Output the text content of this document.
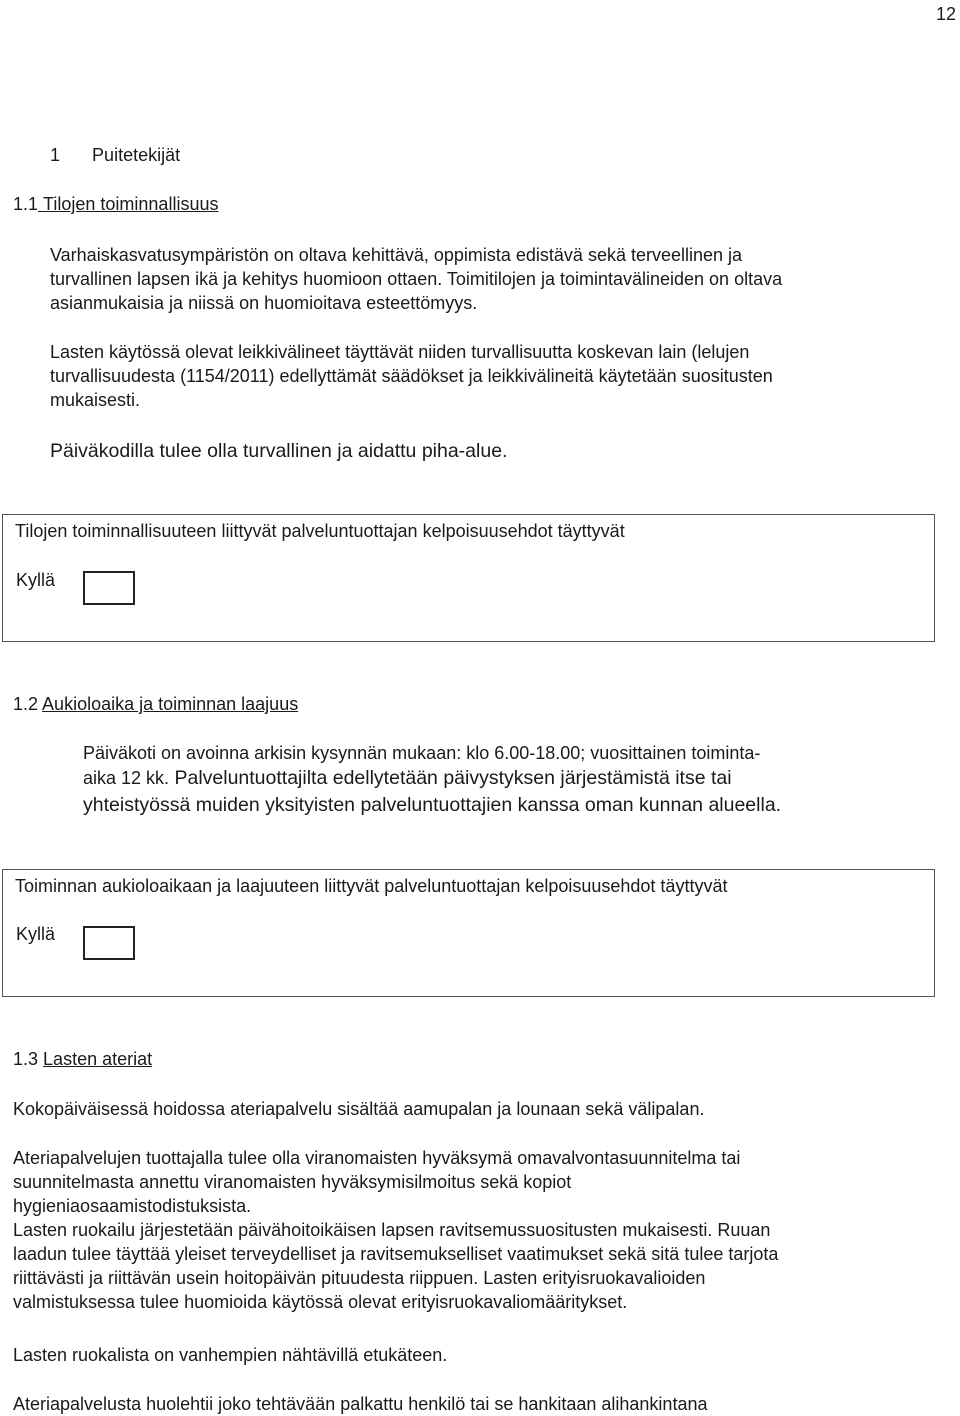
12
1 Puitetekijät
1.1 Tilojen toiminnallisuus

Varhaiskasvatusympäristön on oltava kehittävä, oppimista edistävä sekä terveellinen ja

turvallinen lapsen ikä ja kehitys huomioon ottaen. Toimitilojen ja toimintavälineiden on oltava

asianmukaisia ja niissä on huomioitava esteettömyys.

Lasten käytössä olevat leikkivälineet täyttävät niiden turvallisuutta koskevan lain (lelujen

turvallisuudesta (1154/2011) edellyttämät säädökset ja leikkivälineitä käytetään suositusten

mukaisesti.

Päiväkodilla tulee olla turvallinen ja aidattu piha-alue.
Tilojen toiminnallisuuteen liittyvät palveluntuottajan kelpoisuusehdot täyttyvät
Kyllä
1.2 Aukioloaika ja toiminnan laajuus

Päiväkoti on avoinna arkisin kysynnän mukaan: klo 6.00-18.00; vuosittainen toiminta-

aika 12 kk. Palveluntuottajilta edellytetään päivystyksen järjestämistä itse tai

yhteistyössä muiden yksityisten palveluntuottajien kanssa oman kunnan alueella.

Toiminnan aukioloaikaan ja laajuuteen liittyvät palveluntuottajan kelpoisuusehdot täyttyvät
Kyllä
1.3 Lasten ateriat
Kokopäiväisessä hoidossa ateriapalvelu sisältää aamupalan ja lounaan sekä välipalan.

Ateriapalvelujen tuottajalla tulee olla viranomaisten hyväksymä omavalvontasuunnitelma tai

suunnitelmasta annettu viranomaisten hyväksymisilmoitus sekä kopiot

hygieniaosaamistodistuksista.

Lasten ruokailu järjestetään päivähoitoikäisen lapsen ravitsemussuositusten mukaisesti. Ruuan

laadun tulee täyttää yleiset terveydelliset ja ravitsemukselliset vaatimukset sekä sitä tulee tarjota

riittävästi ja riittävän usein hoitopäivän pituudesta riippuen. Lasten erityisruokavalioiden

valmistuksessa tulee huomioida käytössä olevat erityisruokavaliomääritykset.

Lasten ruokalista on vanhempien nähtävillä etukäteen.
Ateriapalvelusta huolehtii joko tehtävään palkattu henkilö tai se hankitaan alihankintana
